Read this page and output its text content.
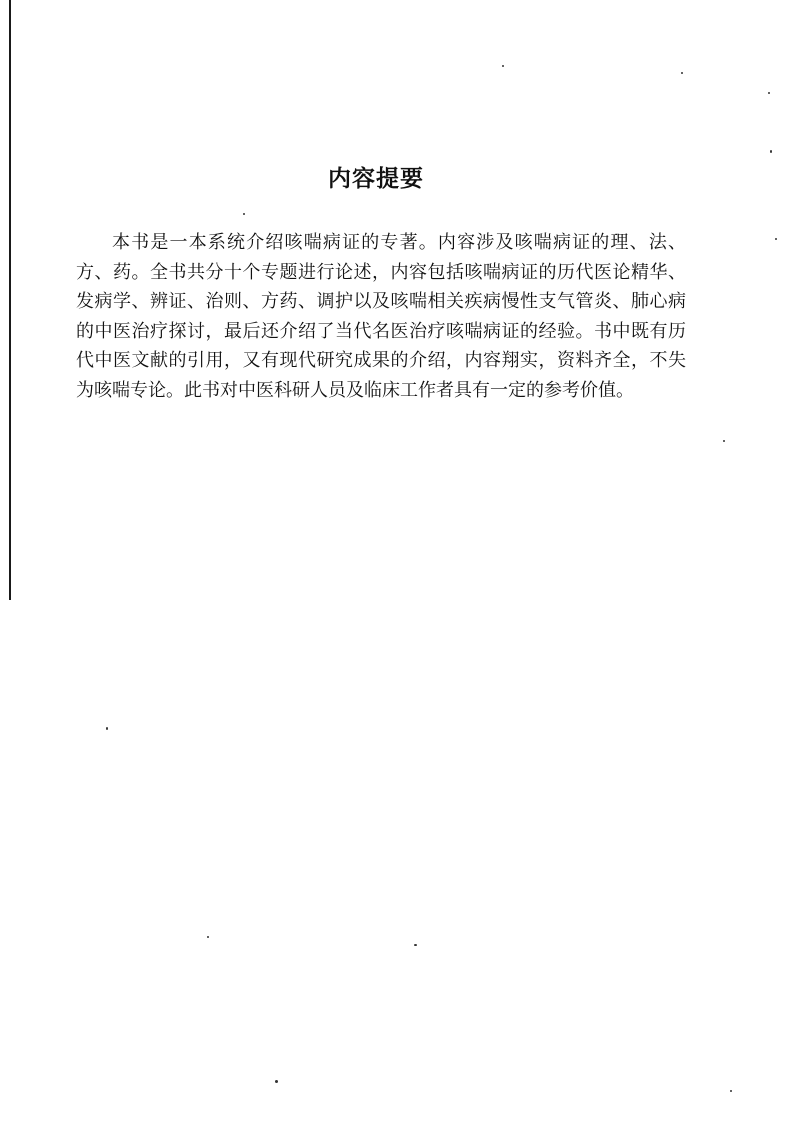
内容提要

本书是一本系统介绍咳喘病证的专著。内容涉及咳喘病证的理、法、方、药。全书共分十个专题进行论述，内容包括咳喘病证的历代医论精华、发病学、辨证、治则、方药、调护以及咳喘相关疾病慢性支气管炎、肺心病的中医治疗探讨，最后还介绍了当代名医治疗咳喘病证的经验。书中既有历代中医文献的引用，又有现代研究成果的介绍，内容翔实，资料齐全，不失为咳喘专论。此书对中医科研人员及临床工作者具有一定的参考价值。
